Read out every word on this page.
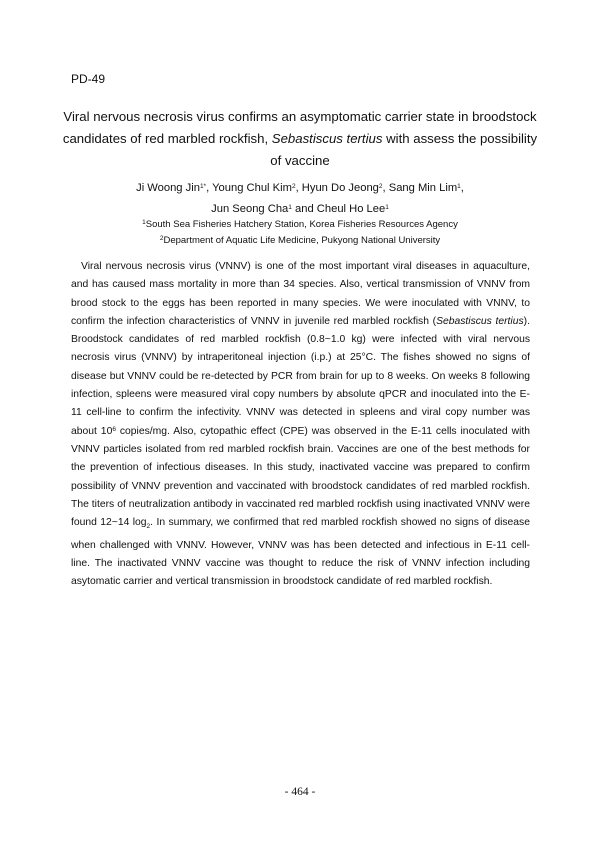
PD-49
Viral nervous necrosis virus confirms an asymptomatic carrier state in broodstock candidates of red marbled rockfish, Sebastiscus tertius with assess the possibility of vaccine
Ji Woong Jin$^{1*}$, Young Chul Kim$^2$, Hyun Do Jeong$^2$, Sang Min Lim$^1$,
Jun Seong Cha$^1$ and Cheul Ho Lee$^1$
$^1$South Sea Fisheries Hatchery Station, Korea Fisheries Resources Agency
$^2$Department of Aquatic Life Medicine, Pukyong National University

Viral nervous necrosis virus (VNNV) is one of the most important viral diseases in aquaculture, and has caused mass mortality in more than 34 species. Also, vertical transmission of VNNV from brood stock to the eggs has been reported in many species. We were inoculated with VNNV, to confirm the infection characteristics of VNNV in juvenile red marbled rockfish (Sebastiscus tertius). Broodstock candidates of red marbled rockfish (0.8~1.0 kg) were infected with viral nervous necrosis virus (VNNV) by intraperitoneal injection (i.p.) at 25°C. The fishes showed no signs of disease but VNNV could be re-detected by PCR from brain for up to 8 weeks. On weeks 8 following infection, spleens were measured viral copy numbers by absolute qPCR and inoculated into the E-11 cell-line to confirm the infectivity. VNNV was detected in spleens and viral copy number was about $10^6$ copies/mg. Also, cytopathic effect (CPE) was observed in the E-11 cells inoculated with VNNV particles isolated from red marbled rockfish brain. Vaccines are one of the best methods for the prevention of infectious diseases. In this study, inactivated vaccine was prepared to confirm possibility of VNNV prevention and vaccinated with broodstock candidates of red marbled rockfish. The titers of neutralization antibody in vaccinated red marbled rockfish using inactivated VNNV were found 12~14 $\log_2$. In summary, we confirmed that red marbled rockfish showed no signs of disease when challenged with VNNV. However, VNNV was has been detected and infectious in E-11 cell-line. The inactivated VNNV vaccine was thought to reduce the risk of VNNV infection including asytomatic carrier and vertical transmission in broodstock candidate of red marbled rockfish.

- 464 -
